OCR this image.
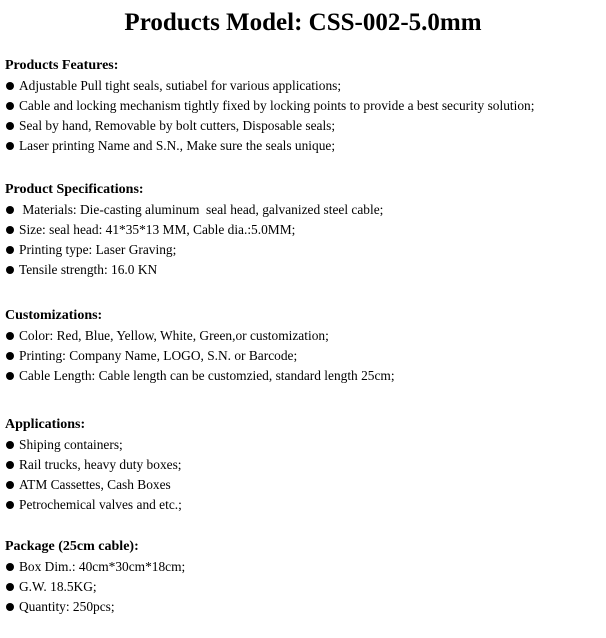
Products Model: CSS-002-5.0mm
Products Features:
Adjustable Pull tight seals, sutiabel for various applications;
Cable and locking mechanism tightly fixed by locking points to provide a best security solution;
Seal by hand, Removable by bolt cutters, Disposable seals;
Laser printing Name and S.N., Make sure the seals unique;
Product Specifications:
Materials: Die-casting aluminum  seal head, galvanized steel cable;
Size: seal head: 41*35*13 MM, Cable dia.:5.0MM;
Printing type: Laser Graving;
Tensile strength: 16.0 KN
Customizations:
Color: Red, Blue, Yellow, White, Green,or customization;
Printing: Company Name, LOGO, S.N. or Barcode;
Cable Length: Cable length can be customzied, standard length 25cm;
Applications:
Shiping containers;
Rail trucks, heavy duty boxes;
ATM Cassettes, Cash Boxes
Petrochemical valves and etc.;
Package (25cm cable):
Box Dim.: 40cm*30cm*18cm;
G.W. 18.5KG;
Quantity: 250pcs;
